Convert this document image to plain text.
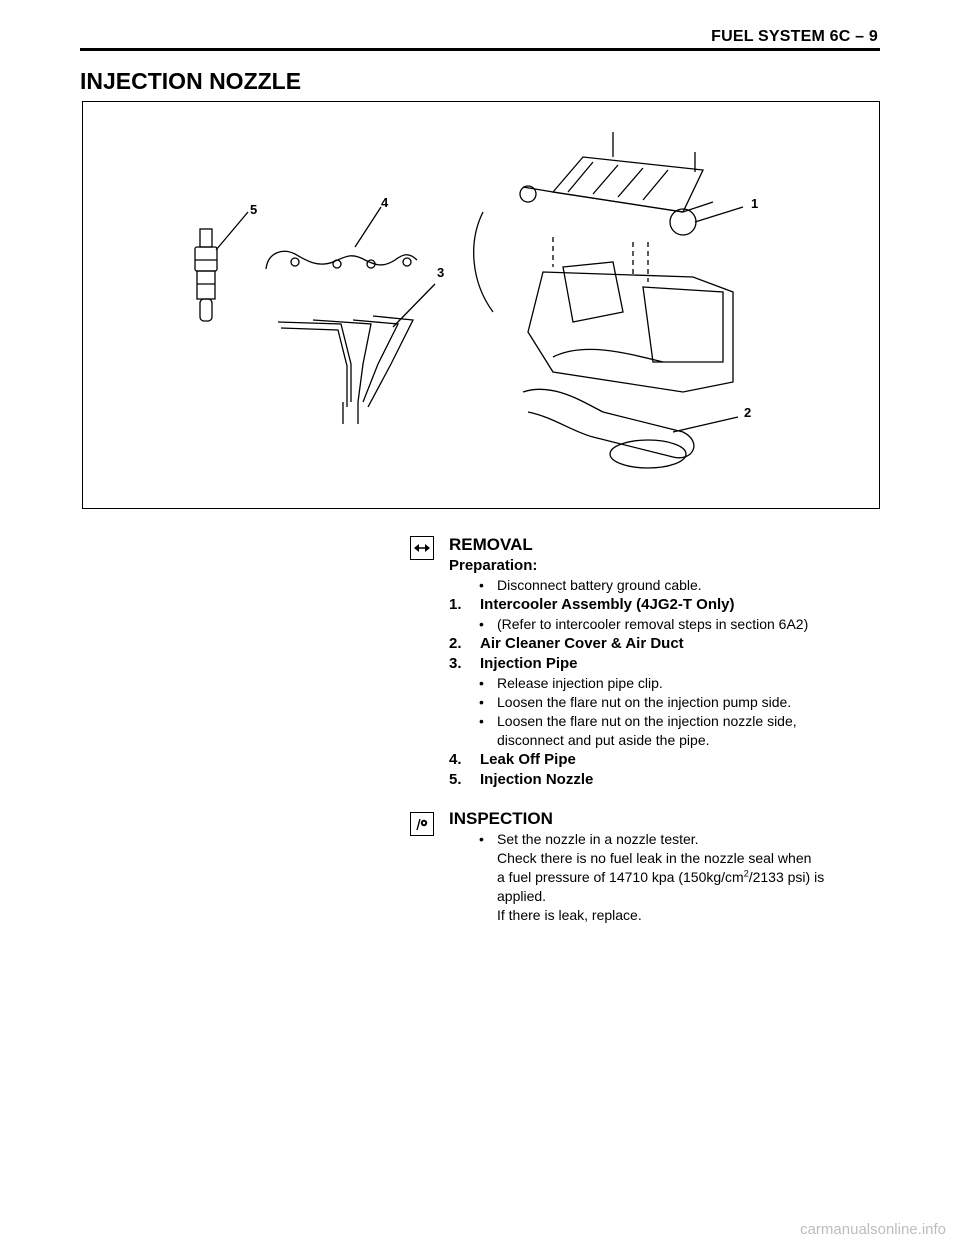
FUEL SYSTEM 6C – 9
INJECTION NOZZLE
1
2
3
4
5
REMOVAL
Preparation:
• Disconnect battery ground cable.
1. Intercooler Assembly (4JG2-T Only)
• (Refer to intercooler removal steps in section 6A2)
2. Air Cleaner Cover & Air Duct
3. Injection Pipe
• Release injection pipe clip.
• Loosen the flare nut on the injection pump side.
• Loosen the flare nut on the injection nozzle side,
disconnect and put aside the pipe.
4. Leak Off Pipe
5. Injection Nozzle
INSPECTION
• Set the nozzle in a nozzle tester.
Check there is no fuel leak in the nozzle seal when
a fuel pressure of 14710 kpa ($150kg/cm^2/2133$ psi) is
applied.
If there is leak, replace.
carmanualsonline.info
